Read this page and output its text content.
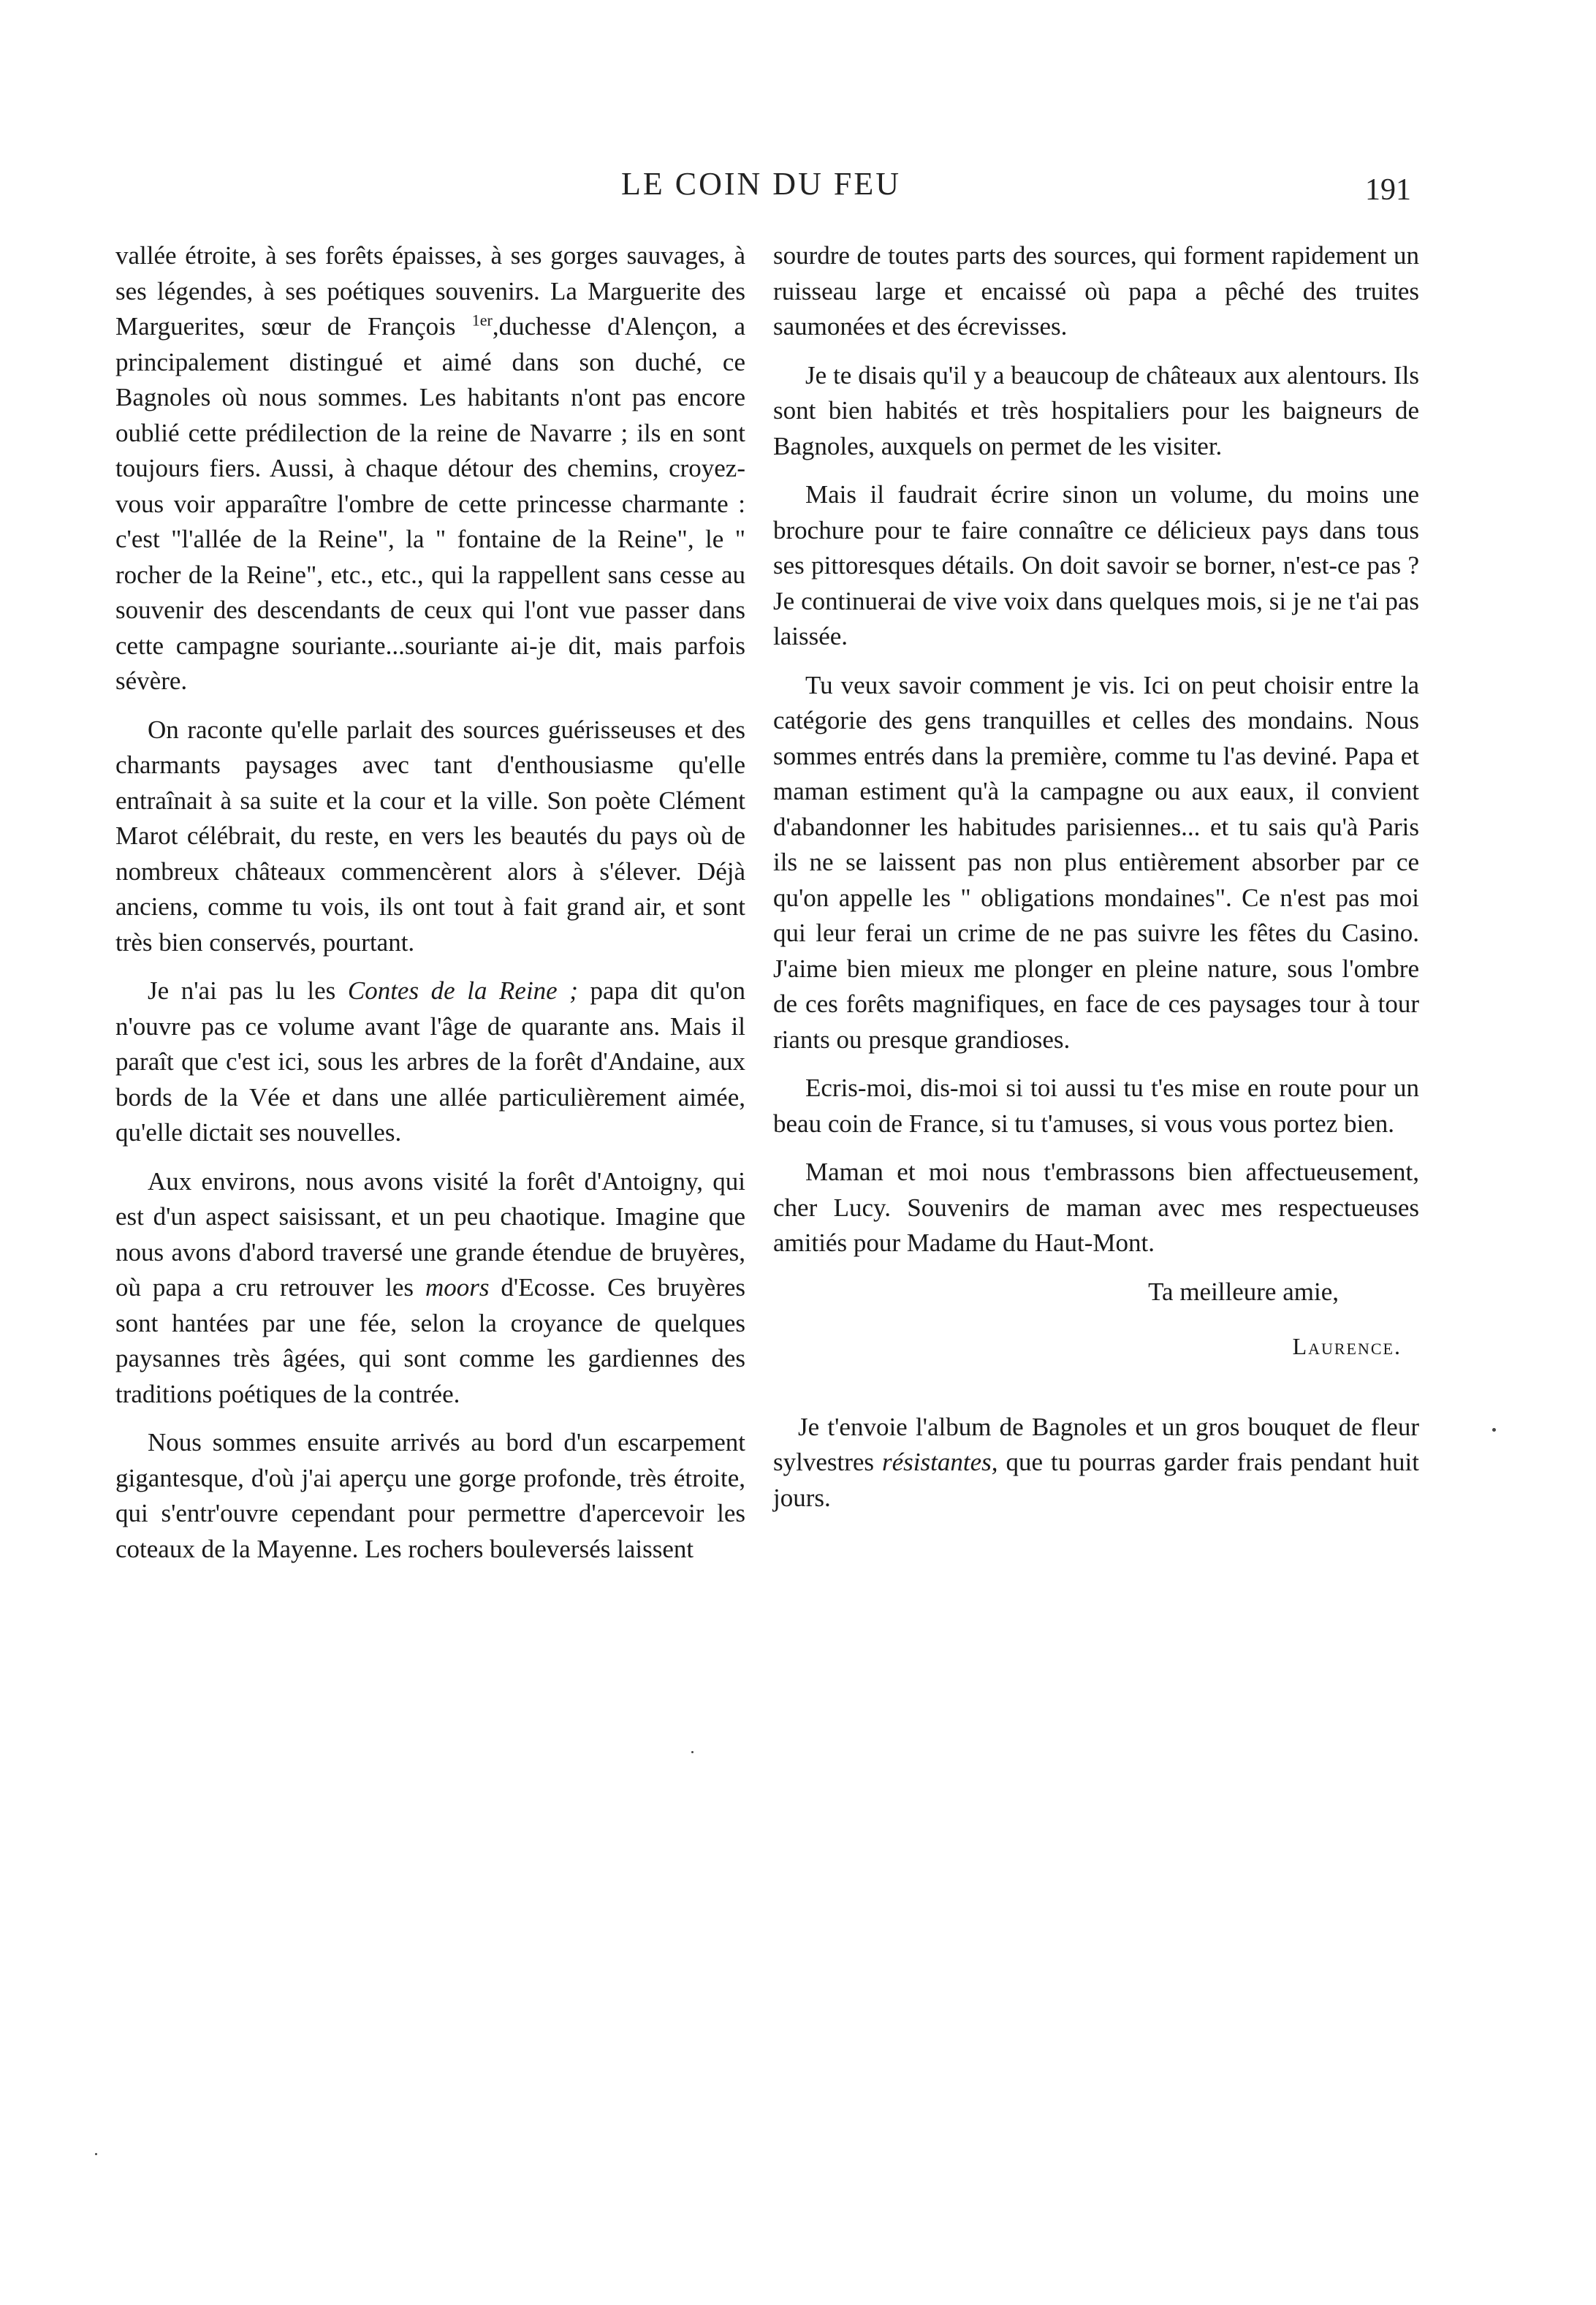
LE COIN DU FEU	191

vallée étroite, à ses forêts épaisses, à ses gorges sauvages, à ses légendes, à ses poétiques souvenirs. La Marguerite des Marguerites, sœur de François $^{1er}$,duchesse d'Alençon, a principalement distingué et aimé dans son duché, ce Bagnoles où nous sommes. Les habitants n'ont pas encore oublié cette prédilection de la reine de Navarre ; ils en sont toujours fiers. Aussi, à chaque détour des chemins, croyez-vous voir apparaître l'ombre de cette princesse charmante : c'est "l'allée de la Reine", la " fontaine de la Reine", le " rocher de la Reine", etc., etc., qui la rappellent sans cesse au souvenir des descendants de ceux qui l'ont vue passer dans cette campagne souriante...souriante ai-je dit, mais parfois sévère.

On raconte qu'elle parlait des sources guérisseuses et des charmants paysages avec tant d'enthousiasme qu'elle entraînait à sa suite et la cour et la ville. Son poète Clément Marot célébrait, du reste, en vers les beautés du pays où de nombreux châteaux commencèrent alors à s'élever. Déjà anciens, comme tu vois, ils ont tout à fait grand air, et sont très bien conservés, pourtant.

Je n'ai pas lu les Contes de la Reine ; papa dit qu'on n'ouvre pas ce volume avant l'âge de quarante ans. Mais il paraît que c'est ici, sous les arbres de la forêt d'Andaine, aux bords de la Vée et dans une allée particulièrement aimée, qu'elle dictait ses nouvelles.

Aux environs, nous avons visité la forêt d'Antoigny, qui est d'un aspect saisissant, et un peu chaotique. Imagine que nous avons d'abord traversé une grande étendue de bruyères, où papa a cru retrouver les moors d'Ecosse. Ces bruyères sont hantées par une fée, selon la croyance de quelques paysannes très âgées, qui sont comme les gardiennes des traditions poétiques de la contrée.

Nous sommes ensuite arrivés au bord d'un escarpement gigantesque, d'où j'ai aperçu une gorge profonde, très étroite, qui s'entr'ouvre cependant pour permettre d'apercevoir les coteaux de la Mayenne. Les rochers bouleversés laissent

sourdre de toutes parts des sources, qui forment rapidement un ruisseau large et encaissé où papa a pêché des truites saumonées et des écrevisses.

Je te disais qu'il y a beaucoup de châteaux aux alentours. Ils sont bien habités et très hospitaliers pour les baigneurs de Bagnoles, auxquels on permet de les visiter.

Mais il faudrait écrire sinon un volume, du moins une brochure pour te faire connaître ce délicieux pays dans tous ses pittoresques détails. On doit savoir se borner, n'est-ce pas ? Je continuerai de vive voix dans quelques mois, si je ne t'ai pas laissée.

Tu veux savoir comment je vis. Ici on peut choisir entre la catégorie des gens tranquilles et celles des mondains. Nous sommes entrés dans la première, comme tu l'as deviné. Papa et maman estiment qu'à la campagne ou aux eaux, il convient d'abandonner les habitudes parisiennes... et tu sais qu'à Paris ils ne se laissent pas non plus entièrement absorber par ce qu'on appelle les " obligations mondaines". Ce n'est pas moi qui leur ferai un crime de ne pas suivre les fêtes du Casino. J'aime bien mieux me plonger en pleine nature, sous l'ombre de ces forêts magnifiques, en face de ces paysages tour à tour riants ou presque grandioses.

Ecris-moi, dis-moi si toi aussi tu t'es mise en route pour un beau coin de France, si tu t'amuses, si vous vous portez bien.

Maman et moi nous t'embrassons bien affectueusement, cher Lucy. Souvenirs de maman avec mes respectueuses amitiés pour Madame du Haut-Mont.

Ta meilleure amie,

Laurence.

Je t'envoie l'album de Bagnoles et un gros bouquet de fleur sylvestres résistantes, que tu pourras garder frais pendant huit jours.
